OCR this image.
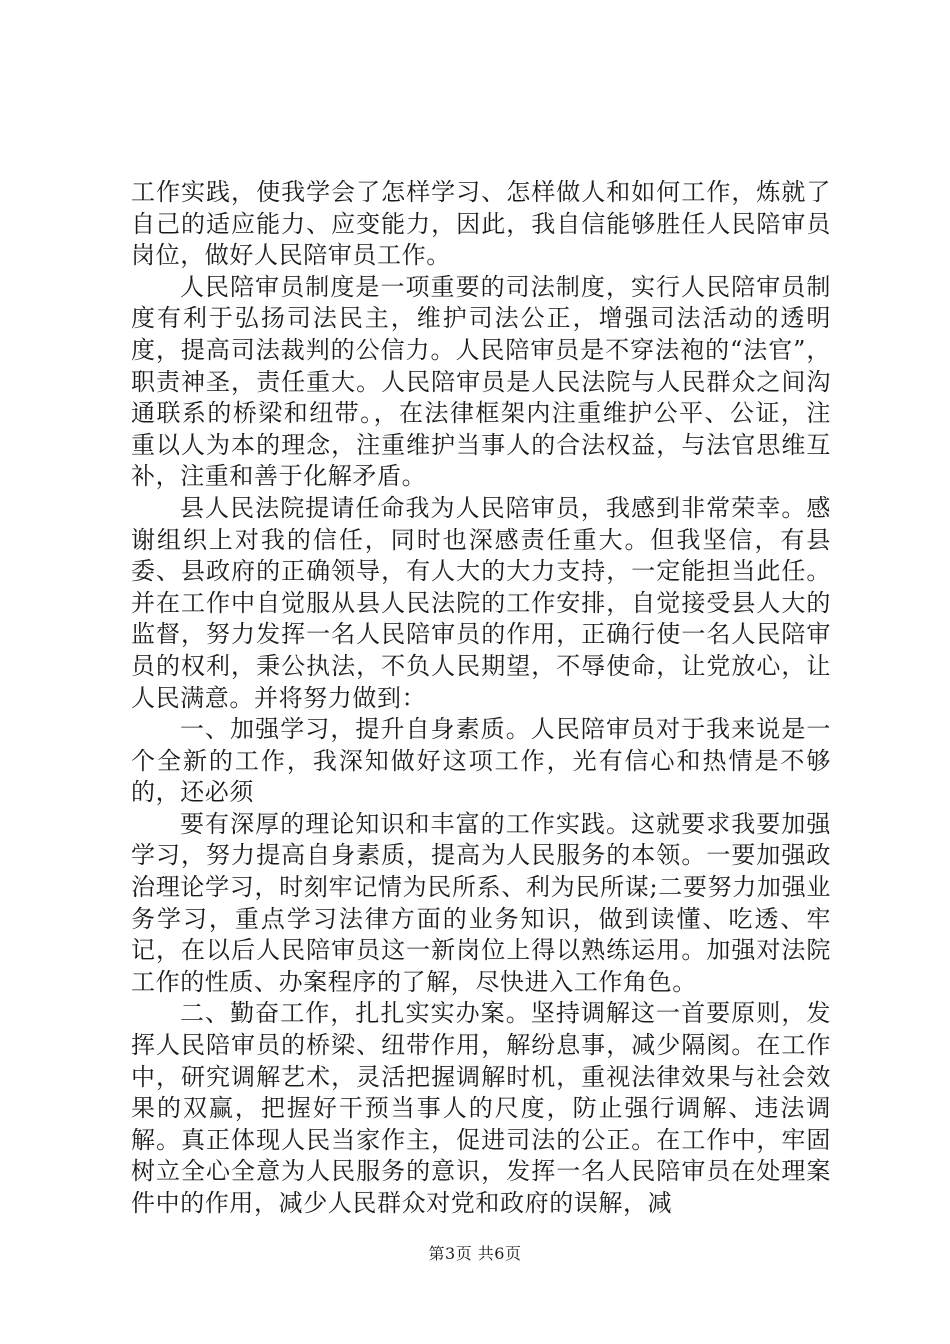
工作实践，使我学会了怎样学习、怎样做人和如何工作，炼就了自己的适应能力、应变能力，因此，我自信能够胜任人民陪审员岗位，做好人民陪审员工作。

人民陪审员制度是一项重要的司法制度，实行人民陪审员制度有利于弘扬司法民主，维护司法公正，增强司法活动的透明度，提高司法裁判的公信力。人民陪审员是不穿法袍的“法官”，职责神圣，责任重大。人民陪审员是人民法院与人民群众之间沟通联系的桥梁和纽带。，在法律框架内注重维护公平、公证，注重以人为本的理念，注重维护当事人的合法权益，与法官思维互补，注重和善于化解矛盾。

县人民法院提请任命我为人民陪审员，我感到非常荣幸。感谢组织上对我的信任，同时也深感责任重大。但我坚信，有县委、县政府的正确领导，有人大的大力支持，一定能担当此任。并在工作中自觉服从县人民法院的工作安排，自觉接受县人大的监督，努力发挥一名人民陪审员的作用，正确行使一名人民陪审员的权利，秉公执法，不负人民期望，不辱使命，让党放心，让人民满意。并将努力做到：

一、加强学习，提升自身素质。人民陪审员对于我来说是一个全新的工作，我深知做好这项工作，光有信心和热情是不够的，还必须

要有深厚的理论知识和丰富的工作实践。这就要求我要加强学习，努力提高自身素质，提高为人民服务的本领。一要加强政治理论学习，时刻牢记情为民所系、利为民所谋;二要努力加强业务学习，重点学习法律方面的业务知识，做到读懂、吃透、牢记，在以后人民陪审员这一新岗位上得以熟练运用。加强对法院工作的性质、办案程序的了解，尽快进入工作角色。

二、勤奋工作，扎扎实实办案。坚持调解这一首要原则，发挥人民陪审员的桥梁、纽带作用，解纷息事，减少隔阂。在工作中，研究调解艺术，灵活把握调解时机，重视法律效果与社会效果的双赢，把握好干预当事人的尺度，防止强行调解、违法调解。真正体现人民当家作主，促进司法的公正。在工作中，牢固树立全心全意为人民服务的意识，发挥一名人民陪审员在处理案件中的作用，减少人民群众对党和政府的误解，减

第3页 共6页
